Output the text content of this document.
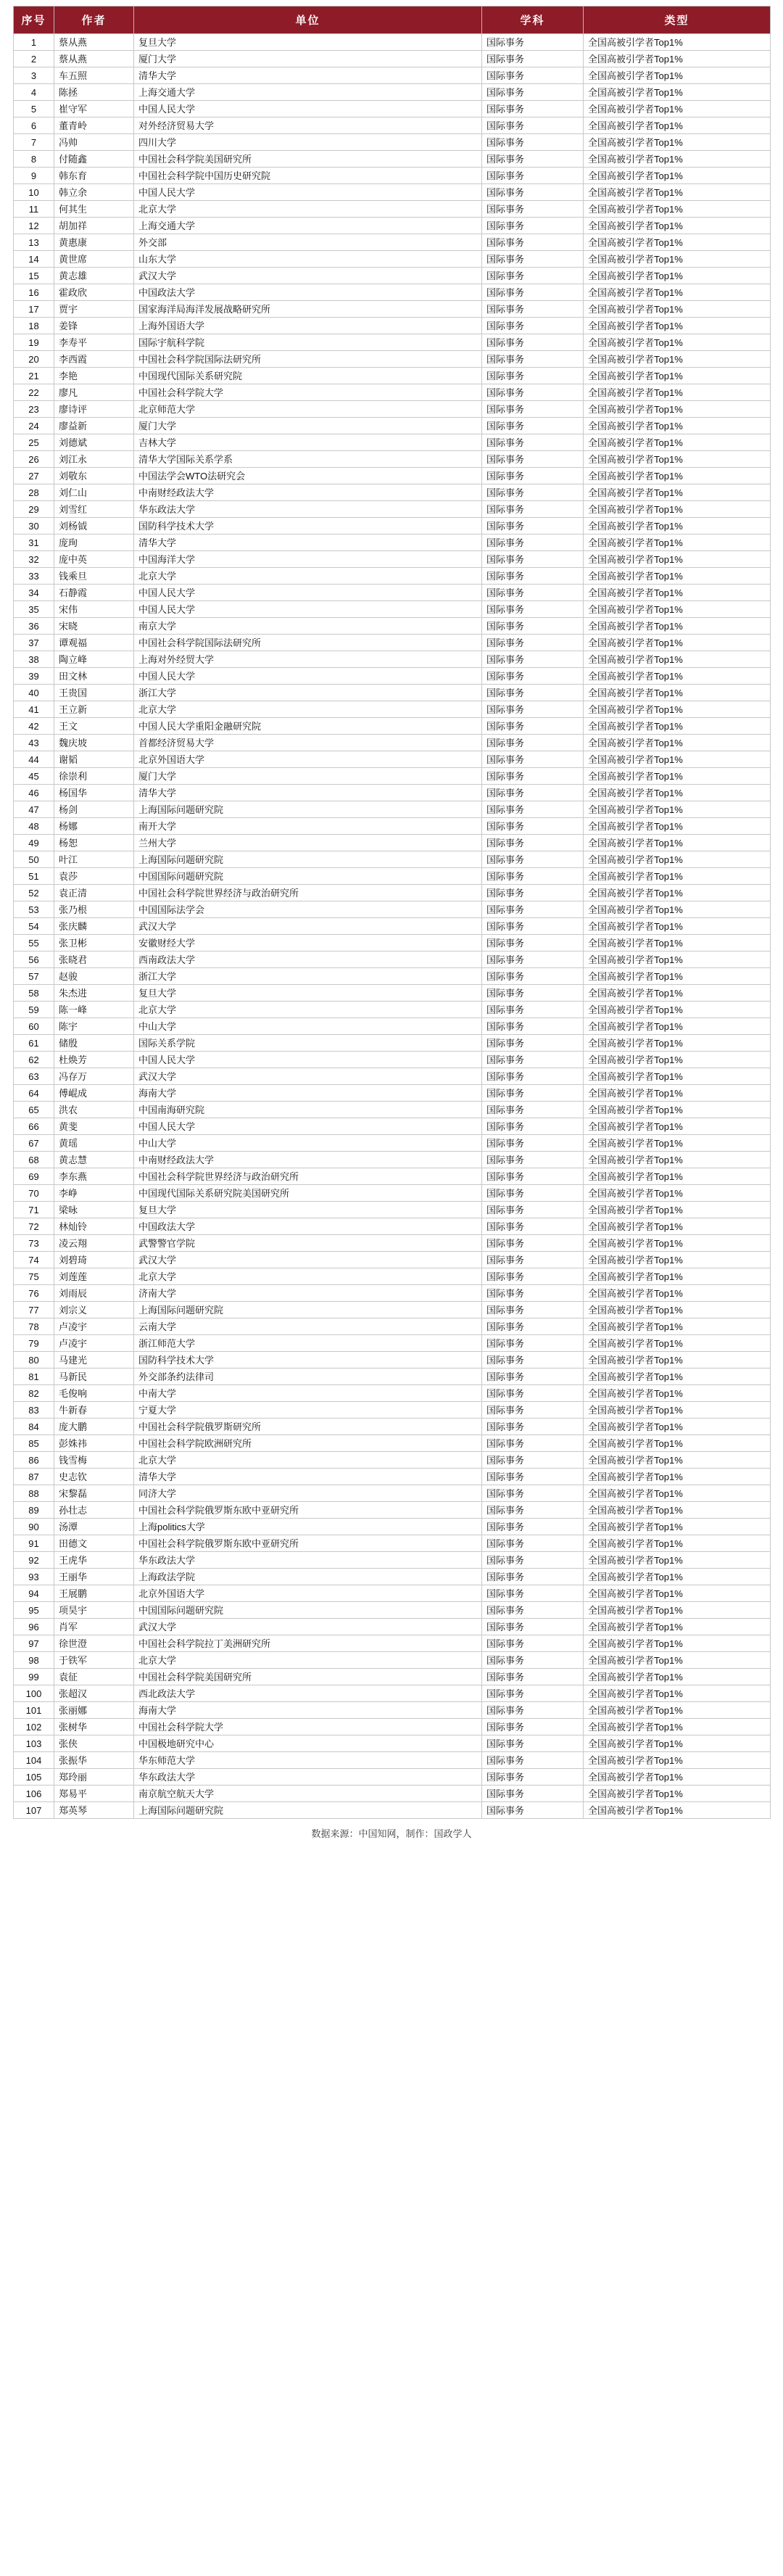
序号	作者	单位	学科	类型
1	蔡从燕	复旦大学	国际事务	全国高被引学者Top1%
2	蔡从燕	厦门大学	国际事务	全国高被引学者Top1%
3	车五照	清华大学	国际事务	全国高被引学者Top1%
4	陈拯	上海交通大学	国际事务	全国高被引学者Top1%
5	崔守军	中国人民大学	国际事务	全国高被引学者Top1%
6	董青岭	对外经济贸易大学	国际事务	全国高被引学者Top1%
7	冯帅	四川大学	国际事务	全国高被引学者Top1%
8	付随鑫	中国社会科学院美国研究所	国际事务	全国高被引学者Top1%
9	韩东育	中国社会科学院中国历史研究院	国际事务	全国高被引学者Top1%
10	韩立余	中国人民大学	国际事务	全国高被引学者Top1%
11	何其生	北京大学	国际事务	全国高被引学者Top1%
12	胡加祥	上海交通大学	国际事务	全国高被引学者Top1%
13	黄惠康	外交部	国际事务	全国高被引学者Top1%
14	黄世席	山东大学	国际事务	全国高被引学者Top1%
15	黄志雄	武汉大学	国际事务	全国高被引学者Top1%
16	霍政欣	中国政法大学	国际事务	全国高被引学者Top1%
17	贾宇	国家海洋局海洋发展战略研究所	国际事务	全国高被引学者Top1%
18	姜锋	上海外国语大学	国际事务	全国高被引学者Top1%
19	李寿平	国际宇航科学院	国际事务	全国高被引学者Top1%
20	李西霞	中国社会科学院国际法研究所	国际事务	全国高被引学者Top1%
21	李艳	中国现代国际关系研究院	国际事务	全国高被引学者Top1%
22	廖凡	中国社会科学院大学	国际事务	全国高被引学者Top1%
23	廖诗评	北京师范大学	国际事务	全国高被引学者Top1%
24	廖益新	厦门大学	国际事务	全国高被引学者Top1%
25	刘德斌	吉林大学	国际事务	全国高被引学者Top1%
26	刘江永	清华大学国际关系学系	国际事务	全国高被引学者Top1%
27	刘敬东	中国法学会WTO法研究会	国际事务	全国高被引学者Top1%
28	刘仁山	中南财经政法大学	国际事务	全国高被引学者Top1%
29	刘雪红	华东政法大学	国际事务	全国高被引学者Top1%
30	刘杨钺	国防科学技术大学	国际事务	全国高被引学者Top1%
31	庞珣	清华大学	国际事务	全国高被引学者Top1%
32	庞中英	中国海洋大学	国际事务	全国高被引学者Top1%
33	钱乘旦	北京大学	国际事务	全国高被引学者Top1%
34	石静霞	中国人民大学	国际事务	全国高被引学者Top1%
35	宋伟	中国人民大学	国际事务	全国高被引学者Top1%
36	宋晓	南京大学	国际事务	全国高被引学者Top1%
37	谭观福	中国社会科学院国际法研究所	国际事务	全国高被引学者Top1%
38	陶立峰	上海对外经贸大学	国际事务	全国高被引学者Top1%
39	田文林	中国人民大学	国际事务	全国高被引学者Top1%
40	王贵国	浙江大学	国际事务	全国高被引学者Top1%
41	王立新	北京大学	国际事务	全国高被引学者Top1%
42	王文	中国人民大学重阳金融研究院	国际事务	全国高被引学者Top1%
43	魏庆坡	首都经济贸易大学	国际事务	全国高被引学者Top1%
44	谢韬	北京外国语大学	国际事务	全国高被引学者Top1%
45	徐崇利	厦门大学	国际事务	全国高被引学者Top1%
46	杨国华	清华大学	国际事务	全国高被引学者Top1%
47	杨剑	上海国际问题研究院	国际事务	全国高被引学者Top1%
48	杨娜	南开大学	国际事务	全国高被引学者Top1%
49	杨恕	兰州大学	国际事务	全国高被引学者Top1%
50	叶江	上海国际问题研究院	国际事务	全国高被引学者Top1%
51	袁莎	中国国际问题研究院	国际事务	全国高被引学者Top1%
52	袁正清	中国社会科学院世界经济与政治研究所	国际事务	全国高被引学者Top1%
53	张乃根	中国国际法学会	国际事务	全国高被引学者Top1%
54	张庆麟	武汉大学	国际事务	全国高被引学者Top1%
55	张卫彬	安徽财经大学	国际事务	全国高被引学者Top1%
56	张晓君	西南政法大学	国际事务	全国高被引学者Top1%
57	赵骏	浙江大学	国际事务	全国高被引学者Top1%
58	朱杰进	复旦大学	国际事务	全国高被引学者Top1%
59	陈一峰	北京大学	国际事务	全国高被引学者Top1%
60	陈宇	中山大学	国际事务	全国高被引学者Top1%
61	储殷	国际关系学院	国际事务	全国高被引学者Top1%
62	杜焕芳	中国人民大学	国际事务	全国高被引学者Top1%
63	冯存万	武汉大学	国际事务	全国高被引学者Top1%
64	傅崐成	海南大学	国际事务	全国高被引学者Top1%
65	洪农	中国南海研究院	国际事务	全国高被引学者Top1%
66	黄斐	中国人民大学	国际事务	全国高被引学者Top1%
67	黄瑶	中山大学	国际事务	全国高被引学者Top1%
68	黄志慧	中南财经政法大学	国际事务	全国高被引学者Top1%
69	李东燕	中国社会科学院世界经济与政治研究所	国际事务	全国高被引学者Top1%
70	李峥	中国现代国际关系研究院美国研究所	国际事务	全国高被引学者Top1%
71	梁咏	复旦大学	国际事务	全国高被引学者Top1%
72	林灿铃	中国政法大学	国际事务	全国高被引学者Top1%
73	凌云翔	武警警官学院	国际事务	全国高被引学者Top1%
74	刘碧琦	武汉大学	国际事务	全国高被引学者Top1%
75	刘莲莲	北京大学	国际事务	全国高被引学者Top1%
76	刘雨辰	济南大学	国际事务	全国高被引学者Top1%
77	刘宗义	上海国际问题研究院	国际事务	全国高被引学者Top1%
78	卢凌宇	云南大学	国际事务	全国高被引学者Top1%
79	卢凌宇	浙江师范大学	国际事务	全国高被引学者Top1%
80	马建光	国防科学技术大学	国际事务	全国高被引学者Top1%
81	马新民	外交部条约法律司	国际事务	全国高被引学者Top1%
82	毛俊响	中南大学	国际事务	全国高被引学者Top1%
83	牛新春	宁夏大学	国际事务	全国高被引学者Top1%
84	庞大鹏	中国社会科学院俄罗斯研究所	国际事务	全国高被引学者Top1%
85	彭姝祎	中国社会科学院欧洲研究所	国际事务	全国高被引学者Top1%
86	钱雪梅	北京大学	国际事务	全国高被引学者Top1%
87	史志钦	清华大学	国际事务	全国高被引学者Top1%
88	宋黎磊	同济大学	国际事务	全国高被引学者Top1%
89	孙壮志	中国社会科学院俄罗斯东欧中亚研究所	国际事务	全国高被引学者Top1%
90	汤潭	上海politics大学	国际事务	全国高被引学者Top1%
91	田德文	中国社会科学院俄罗斯东欧中亚研究所	国际事务	全国高被引学者Top1%
92	王虎华	华东政法大学	国际事务	全国高被引学者Top1%
93	王丽华	上海政法学院	国际事务	全国高被引学者Top1%
94	王展鹏	北京外国语大学	国际事务	全国高被引学者Top1%
95	项昊宇	中国国际问题研究院	国际事务	全国高被引学者Top1%
96	肖军	武汉大学	国际事务	全国高被引学者Top1%
97	徐世澄	中国社会科学院拉丁美洲研究所	国际事务	全国高被引学者Top1%
98	于铁军	北京大学	国际事务	全国高被引学者Top1%
99	袁征	中国社会科学院美国研究所	国际事务	全国高被引学者Top1%
100	张超汉	西北政法大学	国际事务	全国高被引学者Top1%
101	张丽娜	海南大学	国际事务	全国高被引学者Top1%
102	张树华	中国社会科学院大学	国际事务	全国高被引学者Top1%
103	张侠	中国极地研究中心	国际事务	全国高被引学者Top1%
104	张振华	华东师范大学	国际事务	全国高被引学者Top1%
105	郑玲丽	华东政法大学	国际事务	全国高被引学者Top1%
106	郑易平	南京航空航天大学	国际事务	全国高被引学者Top1%
107	郑英琴	上海国际问题研究院	国际事务	全国高被引学者Top1%
数据来源：中国知网，制作：国政学人
